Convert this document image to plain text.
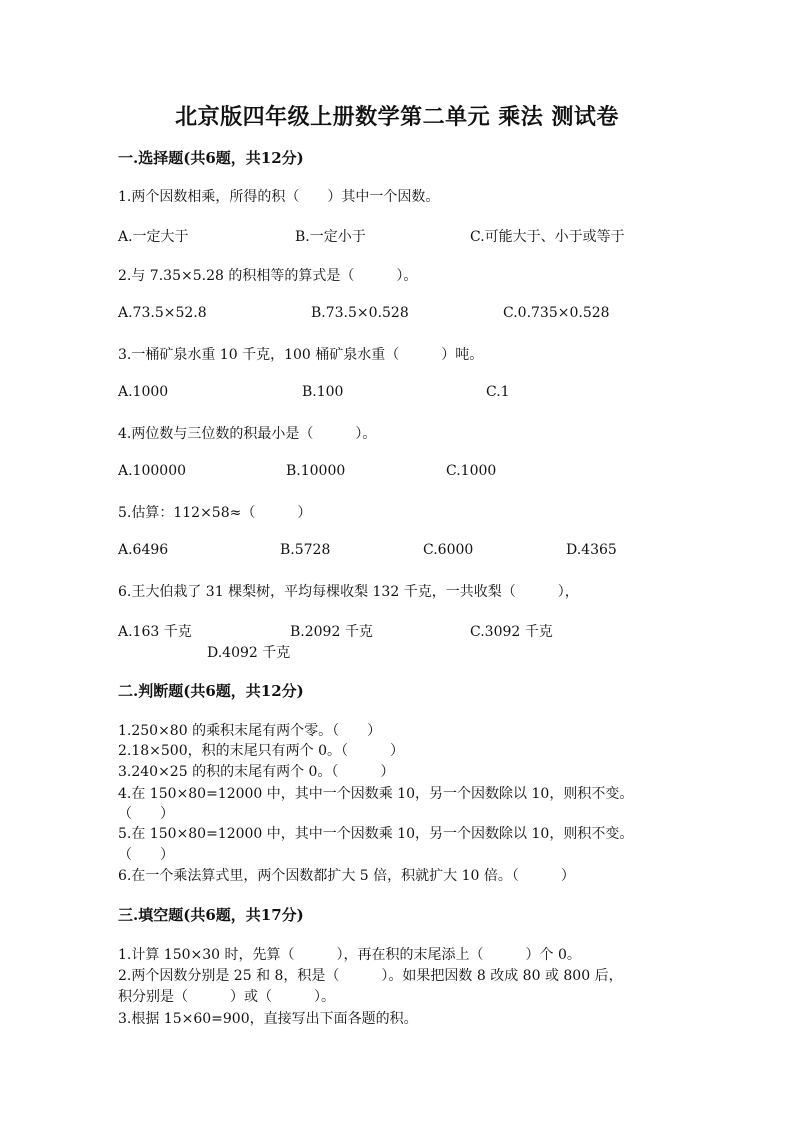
北京版四年级上册数学第二单元 乘法 测试卷
一.选择题(共6题，共12分)
1.两个因数相乘，所得的积（　　）其中一个因数。
A.一定大于	B.一定小于	C.可能大于、小于或等于
2.与 7.35×5.28 的积相等的算式是（　　　）。
A.73.5×52.8	B.73.5×0.528	C.0.735×0.528
3.一桶矿泉水重 10 千克，100 桶矿泉水重（　　　）吨。
A.1000	B.100	C.1
4.两位数与三位数的积最小是（　　　）。
A.100000	B.10000	C.1000
5.估算：112×58≈（　　　）
A.6496	B.5728	C.6000	D.4365
6.王大伯栽了 31 棵梨树，平均每棵收梨 132 千克，一共收梨（　　　），
A.163 千克	B.2092 千克	C.3092 千克
D.4092 千克
二.判断题(共6题，共12分)
1.250×80 的乘积末尾有两个零。（　　）
2.18×500，积的末尾只有两个 0。（　　　）
3.240×25 的积的末尾有两个 0。（　　　）
4.在 150×80=12000 中，其中一个因数乘 10，另一个因数除以 10，则积不变。
（　　）
5.在 150×80=12000 中，其中一个因数乘 10，另一个因数除以 10，则积不变。
（　　）
6.在一个乘法算式里，两个因数都扩大 5 倍，积就扩大 10 倍。（　　　）
三.填空题(共6题，共17分)
1.计算 150×30 时，先算（　　　），再在积的末尾添上（　　　）个 0。
2.两个因数分别是 25 和 8，积是（　　　）。如果把因数 8 改成 80 或 800 后，
积分别是（　　　）或（　　　）。
3.根据 15×60=900，直接写出下面各题的积。
